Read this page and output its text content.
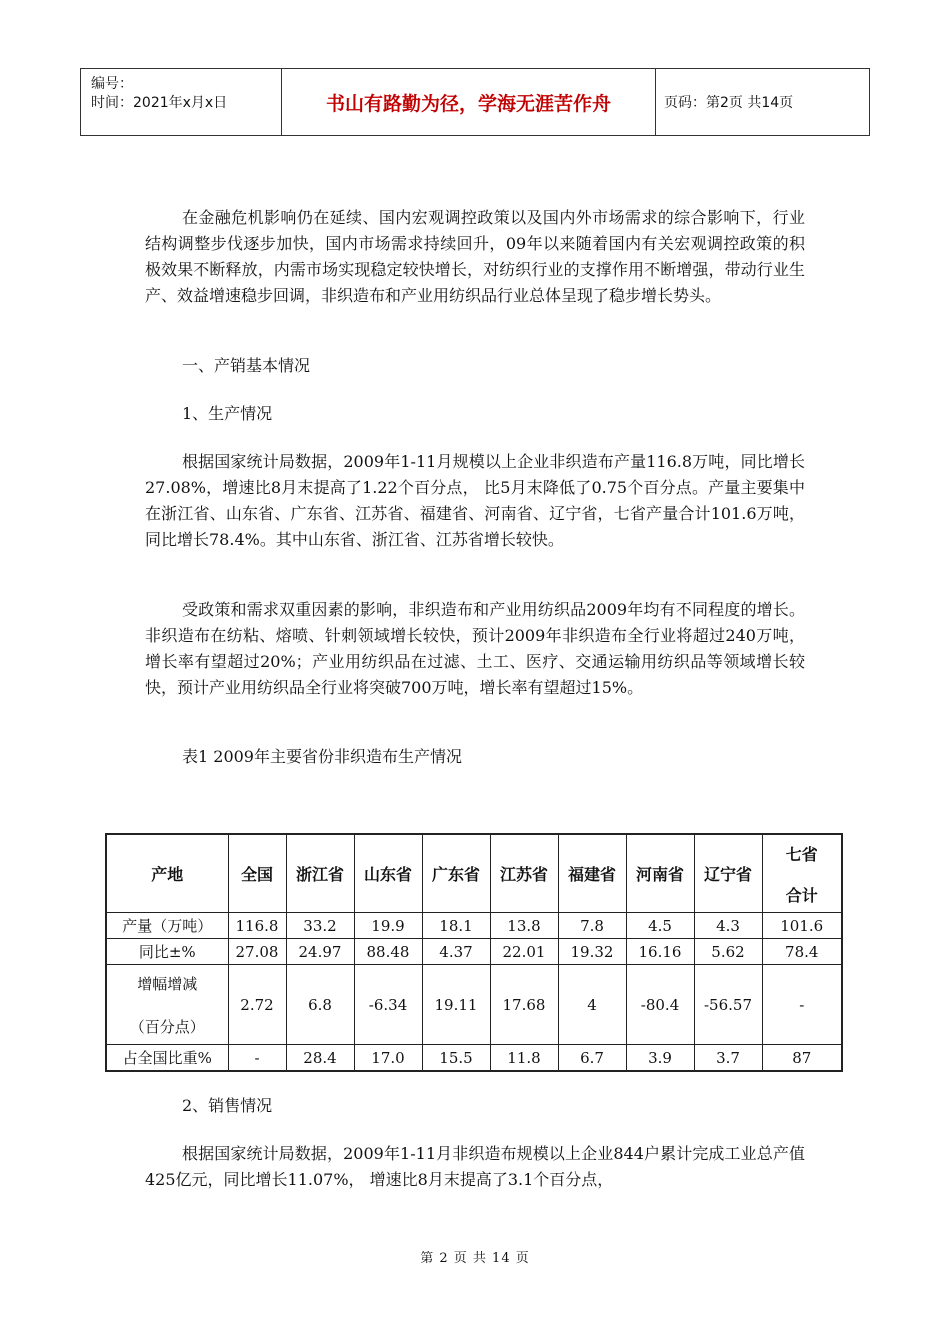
编号：
时间：2021年x月x日	书山有路勤为径，学海无涯苦作舟	页码：第2页 共14页

在金融危机影响仍在延续、国内宏观调控政策以及国内外市场需求的综合影响下，行业结构调整步伐逐步加快，国内市场需求持续回升，09年以来随着国内有关宏观调控政策的积极效果不断释放，内需市场实现稳定较快增长，对纺织行业的支撑作用不断增强，带动行业生产、效益增速稳步回调，非织造布和产业用纺织品行业总体呈现了稳步增长势头。

一、产销基本情况

1、生产情况

根据国家统计局数据，2009年1-11月规模以上企业非织造布产量116.8万吨，同比增长27.08%，增速比8月末提高了1.22个百分点， 比5月末降低了0.75个百分点。产量主要集中在浙江省、山东省、广东省、江苏省、福建省、河南省、辽宁省，七省产量合计101.6万吨，同比增长78.4%。其中山东省、浙江省、江苏省增长较快。

受政策和需求双重因素的影响，非织造布和产业用纺织品2009年均有不同程度的增长。非织造布在纺粘、熔喷、针刺领域增长较快，预计2009年非织造布全行业将超过240万吨，增长率有望超过20%；产业用纺织品在过滤、土工、医疗、交通运输用纺织品等领域增长较快，预计产业用纺织品全行业将突破700万吨，增长率有望超过15%。

表1 2009年主要省份非织造布生产情况

产地	全国	浙江省	山东省	广东省	江苏省	福建省	河南省	辽宁省	七省
合计

产量（万吨）	116.8	33.2	19.9	18.1	13.8	7.8	4.5	4.3	101.6
同比±%	27.08	24.97	88.48	4.37	22.01	19.32	16.16	5.62	78.4

增幅增减
（百分点）	2.72	6.8	-6.34	19.11	17.68	4	-80.4	-56.57	-
占全国比重%	-	28.4	17.0	15.5	11.8	6.7	3.9	3.7	87

2、销售情况

根据国家统计局数据，2009年1-11月非织造布规模以上企业844户累计完成工业总产值425亿元，同比增长11.07%， 增速比8月末提高了3.1个百分点，

第 2 页 共 14 页
